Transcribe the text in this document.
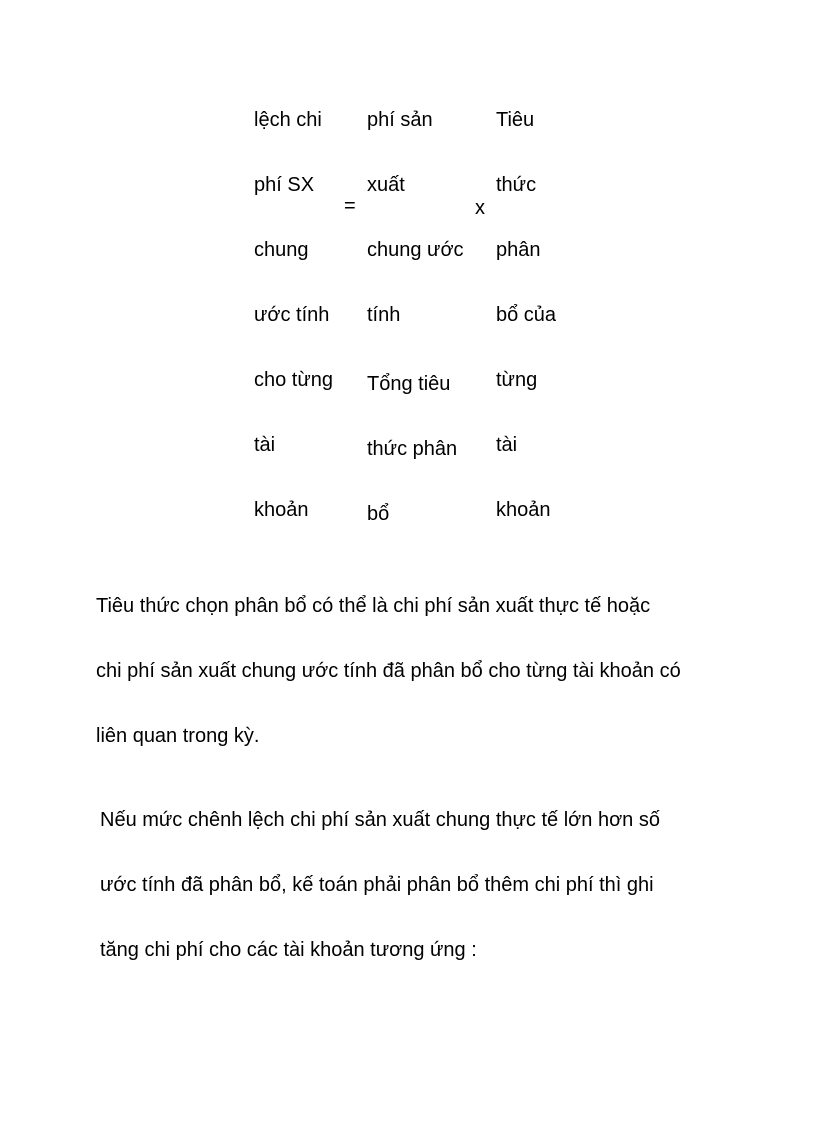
lệch chi
phí SX
chung
ước tính
cho từng
tài
khoản
=
phí sản
xuất
chung ước
tính
Tổng tiêu
thức phân
bổ
x
Tiêu
thức
phân
bổ của
từng
tài
khoản
Tiêu thức chọn phân bổ có thể là chi phí sản xuất thực tế hoặc
chi phí sản xuất chung ước tính đã phân bổ cho từng tài khoản có
liên quan trong kỳ.
Nếu mức chênh lệch chi phí sản xuất chung thực tế lớn hơn số
ước tính đã phân bổ, kế toán phải phân bổ thêm chi phí thì ghi
tăng chi phí cho các tài khoản tương ứng :
